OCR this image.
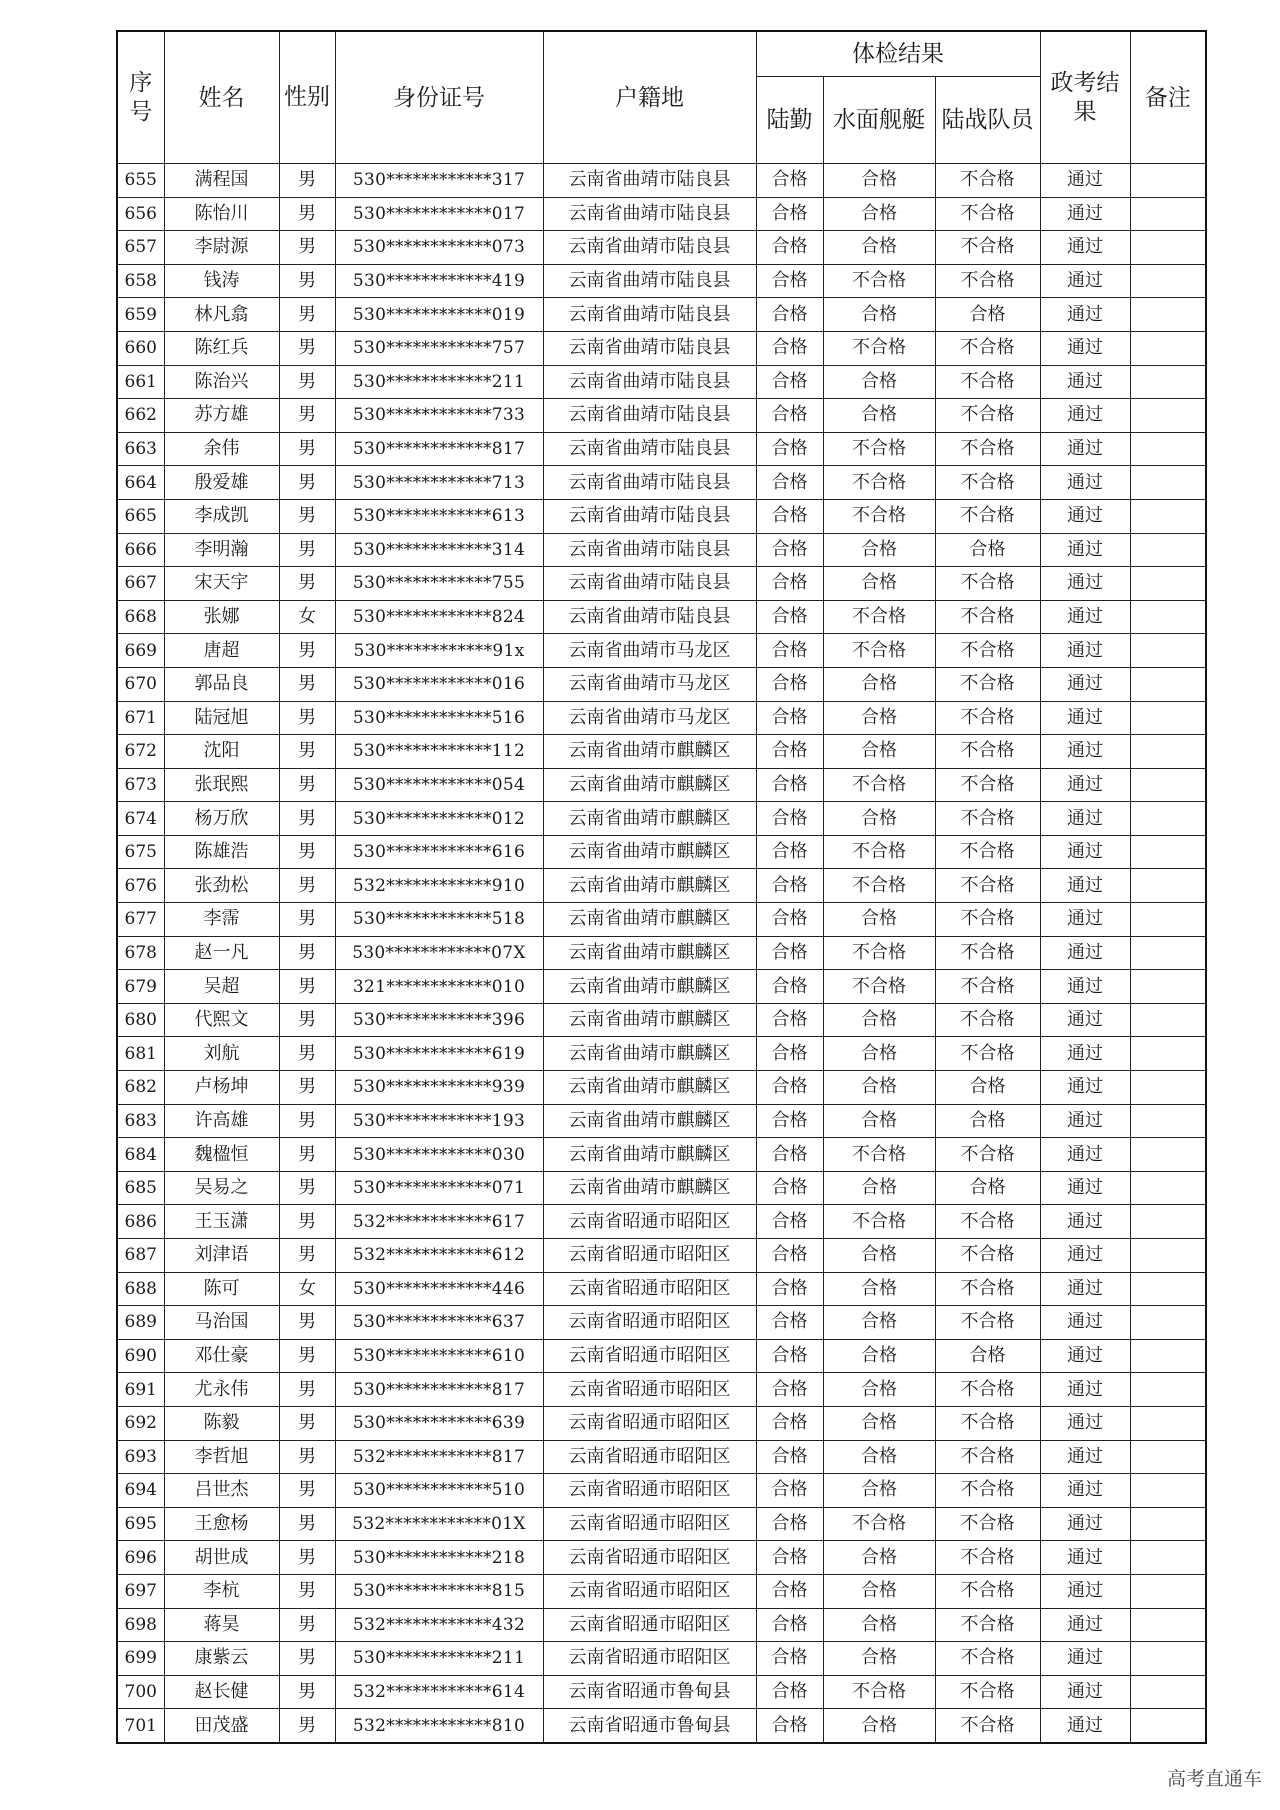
序号	姓名	性别	身份证号	户籍地	体检结果			政考结果	备注
					陆勤	水面舰艇	陆战队员		
655	满程国	男	530************317	云南省曲靖市陆良县	合格	合格	不合格	通过	
656	陈怡川	男	530************017	云南省曲靖市陆良县	合格	合格	不合格	通过	
657	李尉源	男	530************073	云南省曲靖市陆良县	合格	合格	不合格	通过	
658	钱涛	男	530************419	云南省曲靖市陆良县	合格	不合格	不合格	通过	
659	林凡翕	男	530************019	云南省曲靖市陆良县	合格	合格	合格	通过	
660	陈红兵	男	530************757	云南省曲靖市陆良县	合格	不合格	不合格	通过	
661	陈治兴	男	530************211	云南省曲靖市陆良县	合格	合格	不合格	通过	
662	苏方雄	男	530************733	云南省曲靖市陆良县	合格	合格	不合格	通过	
663	余伟	男	530************817	云南省曲靖市陆良县	合格	不合格	不合格	通过	
664	殷爱雄	男	530************713	云南省曲靖市陆良县	合格	不合格	不合格	通过	
665	李成凯	男	530************613	云南省曲靖市陆良县	合格	不合格	不合格	通过	
666	李明瀚	男	530************314	云南省曲靖市陆良县	合格	合格	合格	通过	
667	宋天宇	男	530************755	云南省曲靖市陆良县	合格	合格	不合格	通过	
668	张娜	女	530************824	云南省曲靖市陆良县	合格	不合格	不合格	通过	
669	唐超	男	530************91x	云南省曲靖市马龙区	合格	不合格	不合格	通过	
670	郭品良	男	530************016	云南省曲靖市马龙区	合格	合格	不合格	通过	
671	陆冠旭	男	530************516	云南省曲靖市马龙区	合格	合格	不合格	通过	
672	沈阳	男	530************112	云南省曲靖市麒麟区	合格	合格	不合格	通过	
673	张珉熙	男	530************054	云南省曲靖市麒麟区	合格	不合格	不合格	通过	
674	杨万欣	男	530************012	云南省曲靖市麒麟区	合格	合格	不合格	通过	
675	陈雄浩	男	530************616	云南省曲靖市麒麟区	合格	不合格	不合格	通过	
676	张劲松	男	532************910	云南省曲靖市麒麟区	合格	不合格	不合格	通过	
677	李霈	男	530************518	云南省曲靖市麒麟区	合格	合格	不合格	通过	
678	赵一凡	男	530************07X	云南省曲靖市麒麟区	合格	不合格	不合格	通过	
679	吴超	男	321************010	云南省曲靖市麒麟区	合格	不合格	不合格	通过	
680	代熙文	男	530************396	云南省曲靖市麒麟区	合格	合格	不合格	通过	
681	刘航	男	530************619	云南省曲靖市麒麟区	合格	合格	不合格	通过	
682	卢杨坤	男	530************939	云南省曲靖市麒麟区	合格	合格	合格	通过	
683	许高雄	男	530************193	云南省曲靖市麒麟区	合格	合格	合格	通过	
684	魏楹恒	男	530************030	云南省曲靖市麒麟区	合格	不合格	不合格	通过	
685	吴易之	男	530************071	云南省曲靖市麒麟区	合格	合格	合格	通过	
686	王玉潇	男	532************617	云南省昭通市昭阳区	合格	不合格	不合格	通过	
687	刘津语	男	532************612	云南省昭通市昭阳区	合格	合格	不合格	通过	
688	陈可	女	530************446	云南省昭通市昭阳区	合格	合格	不合格	通过	
689	马治国	男	530************637	云南省昭通市昭阳区	合格	合格	不合格	通过	
690	邓仕豪	男	530************610	云南省昭通市昭阳区	合格	合格	合格	通过	
691	尤永伟	男	530************817	云南省昭通市昭阳区	合格	合格	不合格	通过	
692	陈毅	男	530************639	云南省昭通市昭阳区	合格	合格	不合格	通过	
693	李哲旭	男	532************817	云南省昭通市昭阳区	合格	合格	不合格	通过	
694	吕世杰	男	530************510	云南省昭通市昭阳区	合格	合格	不合格	通过	
695	王愈杨	男	532************01X	云南省昭通市昭阳区	合格	不合格	不合格	通过	
696	胡世成	男	530************218	云南省昭通市昭阳区	合格	合格	不合格	通过	
697	李杭	男	530************815	云南省昭通市昭阳区	合格	合格	不合格	通过	
698	蒋昊	男	532************432	云南省昭通市昭阳区	合格	合格	不合格	通过	
699	康紫云	男	530************211	云南省昭通市昭阳区	合格	合格	不合格	通过	
700	赵长健	男	532************614	云南省昭通市鲁甸县	合格	不合格	不合格	通过	
701	田茂盛	男	532************810	云南省昭通市鲁甸县	合格	合格	不合格	通过	
高考直通车
